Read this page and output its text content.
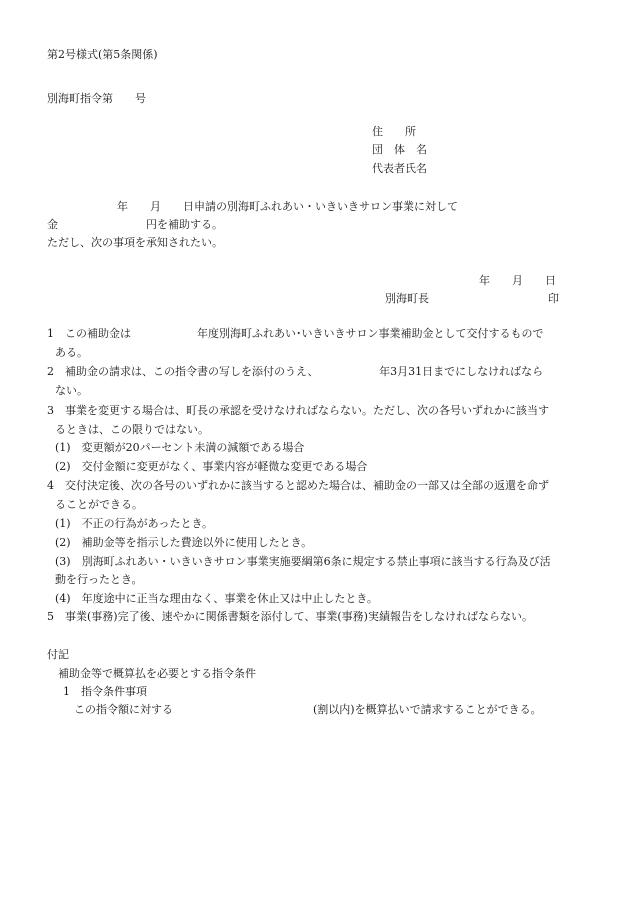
第2号様式(第5条関係)
別海町指令第　　号
住　　所
団　体　名
代表者氏名
年　　月　　日申請の別海町ふれあい・いきいきサロン事業に対して
金　　　　　　　　円を補助する。
ただし、次の事項を承知されたい。
年　　月　　日
別海町長	印
1　この補助金は　　　　　　年度別海町ふれあい･いきいきサロン事業補助金として交付するもので
ある。
2　補助金の請求は、この指令書の写しを添付のうえ、　　　　　　年3月31日までにしなければなら
ない。
3　事業を変更する場合は、町長の承認を受けなければならない。ただし、次の各号いずれかに該当す
るときは、この限りではない。
(1)　変更額が20パーセント未満の減額である場合
(2)　交付金額に変更がなく、事業内容が軽微な変更である場合
4　交付決定後、次の各号のいずれかに該当すると認めた場合は、補助金の一部又は全部の返還を命ず
ることができる。
(1)　不正の行為があったとき。
(2)　補助金等を指示した費途以外に使用したとき。
(3)　別海町ふれあい・いきいきサロン事業実施要綱第6条に規定する禁止事項に該当する行為及び活
動を行ったとき。
(4)　年度途中に正当な理由なく、事業を休止又は中止したとき。
5　事業(事務)完了後、速やかに関係書類を添付して、事業(事務)実績報告をしなければならない。
付記
補助金等で概算払を必要とする指令条件
1　指令条件事項
この指令額に対する	(割以内)を概算払いで請求することができる。
